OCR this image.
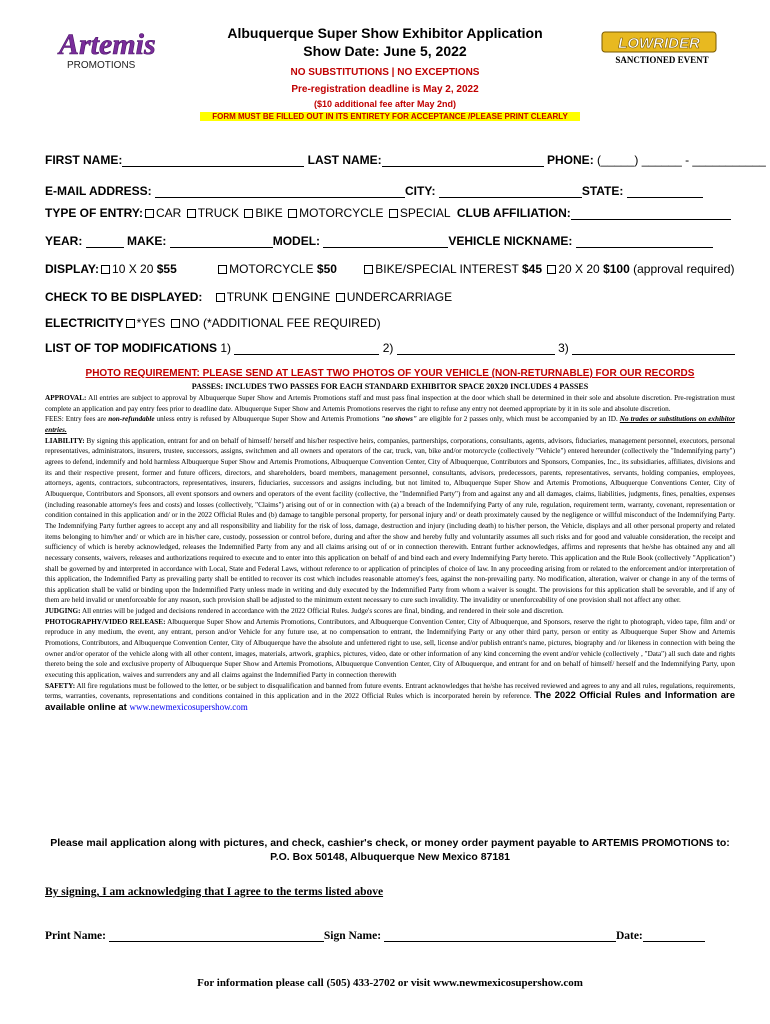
Artemis
PROMOTIONS
LOWRIDER
SANCTIONED EVENT
Albuquerque Super Show Exhibitor Application
Show Date: June 5, 2022
NO SUBSTITUTIONS | NO EXCEPTIONS
Pre-registration deadline is May 2, 2022
($10 additional fee after May 2nd)
FORM MUST BE FILLED OUT IN ITS ENTIRETY FOR ACCEPTANCE /PLEASE PRINT CLEARLY
FIRST NAME:	LAST NAME:	PHONE: (_____) ______ - ___________
E-MAIL ADDRESS:	CITY:	STATE:
TYPE OF ENTRY: CAR TRUCK BIKE MOTORCYCLE SPECIAL CLUB AFFILIATION:
YEAR:	MAKE:	MODEL:	VEHICLE NICKNAME:
DISPLAY: 10 X 20 $55	MOTORCYCLE $50	BIKE/SPECIAL INTEREST $45 20 X 20 $100 (approval required)
CHECK TO BE DISPLAYED: TRUNK ENGINE UNDERCARRIAGE
ELECTRICITY *YES NO (*ADDITIONAL FEE REQUIRED)
LIST OF TOP MODIFICATIONS 1)	2)	3)
PHOTO REQUIREMENT: PLEASE SEND AT LEAST TWO PHOTOS OF YOUR VEHICLE (NON-RETURNABLE) FOR OUR RECORDS
PASSES: INCLUDES TWO PASSES FOR EACH STANDARD EXHIBITOR SPACE 20X20 INCLUDES 4 PASSES

APPROVAL: All entries are subject to approval by Albuquerque Super Show and Artemis Promotions staff and must pass final inspection at the door which shall be determined in their sole and absolute discretion. Pre-registration must complete an application and pay entry fees prior to deadline date. Albuquerque Super Show and Artemis Promotions reserves the right to refuse any entry not deemed appropriate by it in its sole and absolute discretion.

FEES: Entry fees are non-refundable unless entry is refused by Albuquerque Super Show and Artemis Promotions "no shows" are eligible for 2 passes only, which must be accompanied by an ID. No trades or substitutions on exhibitor entries.

LIABILITY: By signing this application, entrant for and on behalf of himself/ herself and his/her respective heirs, companies, partnerships, corporations, consultants, agents, advisors, fiduciaries, management personnel, executors, personal representatives, administrators, insurers, trustee, successors, assigns, switchmen and all owners and operators of the car, truck, van, bike and/or motorcycle (collectively "Vehicle") entered hereunder (collectively the "Indemnifying party") agrees to defend, indemnify and hold harmless Albuquerque Super Show and Artemis Promotions, Albuquerque Convention Center, City of Albuquerque, Contributors and Sponsors, Companies, Inc., its subsidiaries, affiliates, divisions and its and their respective present, former and future officers, directors, and shareholders, board members, management personnel, consultants, advisors, predecessors, parents, representatives, servants, holding companies, employees, attorneys, agents, contractors, subcontractors, representatives, insurers, fiduciaries, successors and assigns including, but not limited to, Albuquerque Super Show and Artemis Promotions, Albuquerque Conventions Center, City of Albuquerque, Contributors and Sponsors, all event sponsors and owners and operators of the event facility (collective, the "Indemnified Party") from and against any and all damages, claims, liabilities, judgments, fines, penalties, expenses (including reasonable attorney's fees and costs) and losses (collectively, "Claims") arising out of or in connection with (a) a breach of the Indemnifying Party of any rule, regulation, requirement term, warranty, covenant, representation or condition contained in this application and/ or in the 2022 Official Rules and (b) damage to tangible personal property, for personal injury and/ or death proximately caused by the negligence or willful misconduct of the Indemnifying Party. The Indemnifying Party further agrees to accept any and all responsibility and liability for the risk of loss, damage, destruction and injury (including death) to his/her person, the Vehicle, displays and all other personal property and related items belonging to him/her and/ or which are in his/her care, custody, possession or control before, during and after the show and hereby fully and voluntarily assumes all such risks and for good and valuable consideration, the receipt and sufficiency of which is hereby acknowledged, releases the Indemnified Party from any and all claims arising out of or in connection therewith. Entrant further acknowledges, affirms and represents that he/she has obtained any and all necessary consents, waivers, releases and authorizations required to execute and to enter into this application on behalf of and bind each and every Indemnifying Party hereto. This application and the Rule Book (collectively "Application") shall be governed by and interpreted in accordance with Local, State and Federal Laws, without reference to or application of principles of choice of law. In any proceeding arising from or related to the enforcement and/or interpretation of this application, the Indemnified Party as prevailing party shall be entitled to recover its cost which includes reasonable attorney's fees, against the non-prevailing party. No modification, alteration, waiver or change in any of the terms of this application shall be valid or binding upon the Indemnified Party unless made in writing and duly executed by the Indemnified Party from whom a waiver is sought. The provisions for this application shall be severable, and if any of them are held invalid or unenforceable for any reason, such provision shall be adjusted to the minimum extent necessary to cure such invalidity. The invalidity or unenforceability of one provision shall not affect any other.

JUDGING: All entries will be judged and decisions rendered in accordance with the 2022 Official Rules. Judge's scores are final, binding, and rendered in their sole and discretion.

PHOTOGRAPHY/VIDEO RELEASE: Albuquerque Super Show and Artemis Promotions, Contributors, and Albuquerque Convention Center, City of Albuquerque, and Sponsors, reserve the right to photograph, video tape, film and/ or reproduce in any medium, the event, any entrant, person and/or Vehicle for any future use, at no compensation to entrant, the Indemnifying Party or any other third party, person or entity as Albuquerque Super Show and Artemis Promotions, Contributors, and Albuquerque Convention Center, City of Albuquerque have the absolute and unfettered right to use, sell, license and/or publish entrant's name, pictures, biography and /or likeness in connection with being the owner and/or operator of the vehicle along with all other content, images, materials, artwork, graphics, pictures, video, date or other information of any kind concerning the event and/or vehicle (collectively , "Data") all such date and rights thereto being the sole and exclusive property of Albuquerque Super Show and Artemis Promotions, Albuquerque Convention Center, City of Albuquerque, and entrant for and on behalf of himself/ herself and the Indemnifying Party, upon executing this application, waives and surrenders any and all claims against the Indemnified Party in connection therewith

SAFETY: All fire regulations must be followed to the letter, or be subject to disqualification and banned from future events. Entrant acknowledges that he/she has received reviewed and agrees to any and all rules, regulations, requirements, terms, warranties, covenants, representations and conditions contained in this application and in the 2022 Official Rules which is incorporated herein by reference. The 2022 Official Rules and Information are available online at www.newmexicosupershow.com

Please mail application along with pictures, and check, cashier's check, or money order payment payable to ARTEMIS PROMOTIONS to:
P.O. Box 50148, Albuquerque New Mexico 87181
By signing, I am acknowledging that I agree to the terms listed above
Print Name:	Sign Name:	Date:
For information please call (505) 433-2702 or visit www.newmexicosupershow.com
